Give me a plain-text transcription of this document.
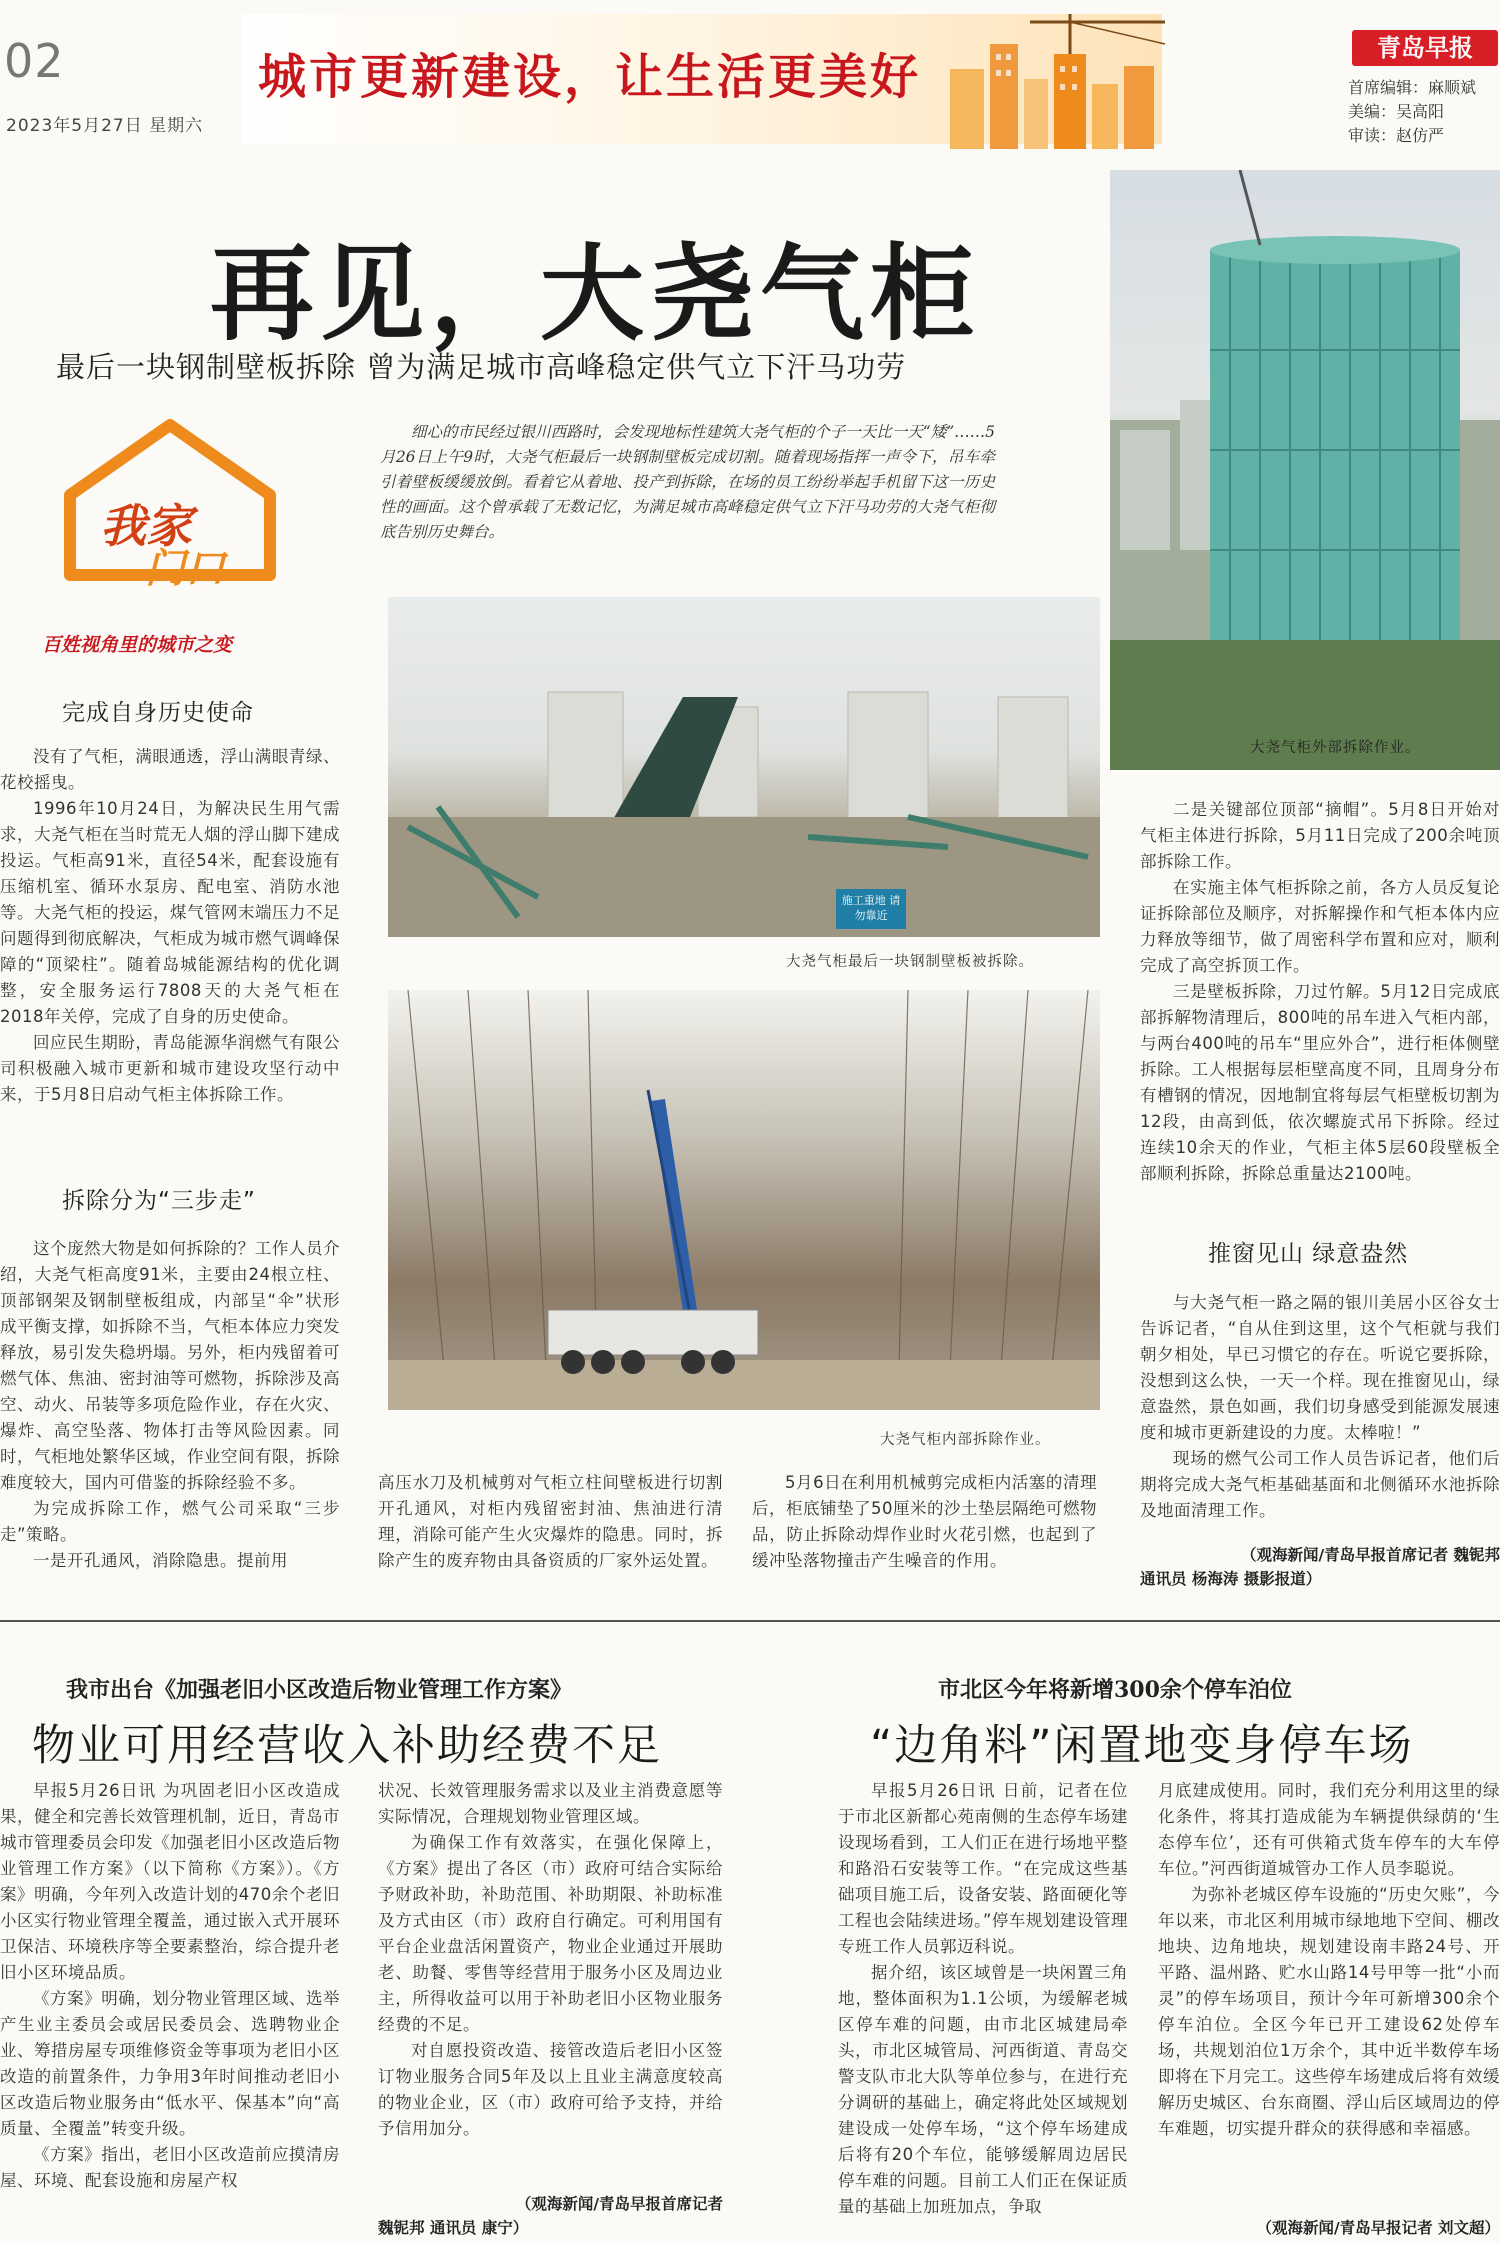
02
2023年5月27日 星期六
城市更新建设，让生活更美好
青岛早报
首席编辑：麻顺斌
美编：吴高阳
审读：赵仿严
再见，大尧气柜
最后一块钢制壁板拆除 曾为满足城市高峰稳定供气立下汗马功劳
大尧气柜外部拆除作业。
我家
门口
百姓视角里的城市之变
细心的市民经过银川西路时，会发现地标性建筑大尧气柜的个子一天比一天“矮”……5月26日上午9时，大尧气柜最后一块钢制壁板完成切割。随着现场指挥一声令下，吊车牵引着壁板缓缓放倒。看着它从着地、投产到拆除，在场的员工纷纷举起手机留下这一历史性的画面。这个曾承载了无数记忆，为满足城市高峰稳定供气立下汗马功劳的大尧气柜彻底告别历史舞台。
施工重地 请勿靠近
大尧气柜最后一块钢制壁板被拆除。
大尧气柜内部拆除作业。
完成自身历史使命

没有了气柜，满眼通透，浮山满眼青绿、花校摇曳。

1996年10月24日，为解决民生用气需求，大尧气柜在当时荒无人烟的浮山脚下建成投运。气柜高91米，直径54米，配套设施有压缩机室、循环水泵房、配电室、消防水池等。大尧气柜的投运，煤气管网末端压力不足问题得到彻底解决，气柜成为城市燃气调峰保障的“顶梁柱”。随着岛城能源结构的优化调整，安全服务运行7808天的大尧气柜在2018年关停，完成了自身的历史使命。

回应民生期盼，青岛能源华润燃气有限公司积极融入城市更新和城市建设攻坚行动中来，于5月8日启动气柜主体拆除工作。

拆除分为“三步走”

这个庞然大物是如何拆除的？工作人员介绍，大尧气柜高度91米，主要由24根立柱、顶部钢架及钢制壁板组成，内部呈“伞”状形成平衡支撑，如拆除不当，气柜本体应力突发释放，易引发失稳坍塌。另外，柜内残留着可燃气体、焦油、密封油等可燃物，拆除涉及高空、动火、吊装等多项危险作业，存在火灾、爆炸、高空坠落、物体打击等风险因素。同时，气柜地处繁华区域，作业空间有限，拆除难度较大，国内可借鉴的拆除经验不多。

为完成拆除工作，燃气公司采取“三步走”策略。

一是开孔通风，消除隐患。提前用

高压水刀及机械剪对气柜立柱间壁板进行切割开孔通风，对柜内残留密封油、焦油进行清理，消除可能产生火灾爆炸的隐患。同时，拆除产生的废弃物由具备资质的厂家外运处置。

5月6日在利用机械剪完成柜内活塞的清理后，柜底铺垫了50厘米的沙土垫层隔绝可燃物品，防止拆除动焊作业时火花引燃，也起到了缓冲坠落物撞击产生噪音的作用。

二是关键部位顶部“摘帽”。5月8日开始对气柜主体进行拆除，5月11日完成了200余吨顶部拆除工作。

在实施主体气柜拆除之前，各方人员反复论证拆除部位及顺序，对拆解操作和气柜本体内应力释放等细节，做了周密科学布置和应对，顺利完成了高空拆顶工作。

三是壁板拆除，刀过竹解。5月12日完成底部拆解物清理后，800吨的吊车进入气柜内部，与两台400吨的吊车“里应外合”，进行柜体侧壁拆除。工人根据每层柜壁高度不同，且周身分布有槽钢的情况，因地制宜将每层气柜壁板切割为12段，由高到低，依次螺旋式吊下拆除。经过连续10余天的作业，气柜主体5层60段壁板全部顺利拆除，拆除总重量达2100吨。

推窗见山 绿意盎然

与大尧气柜一路之隔的银川美居小区谷女士告诉记者，“自从住到这里，这个气柜就与我们朝夕相处，早已习惯它的存在。听说它要拆除，没想到这么快，一天一个样。现在推窗见山，绿意盎然，景色如画，我们切身感受到能源发展速度和城市更新建设的力度。太棒啦！”

现场的燃气公司工作人员告诉记者，他们后期将完成大尧气柜基础基面和北侧循环水池拆除及地面清理工作。

（观海新闻/青岛早报首席记者 魏铌邦
通讯员 杨海涛 摄影报道）
我市出台《加强老旧小区改造后物业管理工作方案》
物业可用经营收入补助经费不足

早报5月26日讯 为巩固老旧小区改造成果，健全和完善长效管理机制，近日，青岛市城市管理委员会印发《加强老旧小区改造后物业管理工作方案》（以下简称《方案》）。《方案》明确，今年列入改造计划的470余个老旧小区实行物业管理全覆盖，通过嵌入式开展环卫保洁、环境秩序等全要素整治，综合提升老旧小区环境品质。

《方案》明确，划分物业管理区域、选举产生业主委员会或居民委员会、选聘物业企业、筹措房屋专项维修资金等事项为老旧小区改造的前置条件，力争用3年时间推动老旧小区改造后物业服务由“低水平、保基本”向“高质量、全覆盖”转变升级。

《方案》指出，老旧小区改造前应摸清房屋、环境、配套设施和房屋产权

状况、长效管理服务需求以及业主消费意愿等实际情况，合理规划物业管理区域。

为确保工作有效落实，在强化保障上，《方案》提出了各区（市）政府可结合实际给予财政补助，补助范围、补助期限、补助标准及方式由区（市）政府自行确定。可利用国有平台企业盘活闲置资产，物业企业通过开展助老、助餐、零售等经营用于服务小区及周边业主，所得收益可以用于补助老旧小区物业服务经费的不足。

对自愿投资改造、接管改造后老旧小区签订物业服务合同5年及以上且业主满意度较高的物业企业，区（市）政府可给予支持，并给予信用加分。

（观海新闻/青岛早报首席记者
魏铌邦 通讯员 康宁）
市北区今年将新增300余个停车泊位
“边角料”闲置地变身停车场

早报5月26日讯 日前，记者在位于市北区新都心苑南侧的生态停车场建设现场看到，工人们正在进行场地平整和路沿石安装等工作。“在完成这些基础项目施工后，设备安装、路面硬化等工程也会陆续进场。”停车规划建设管理专班工作人员郭迈科说。

据介绍，该区域曾是一块闲置三角地，整体面积为1.1公顷，为缓解老城区停车难的问题，由市北区城建局牵头，市北区城管局、河西街道、青岛交警支队市北大队等单位参与，在进行充分调研的基础上，确定将此处区域规划建设成一处停车场，“这个停车场建成后将有20个车位，能够缓解周边居民停车难的问题。目前工人们正在保证质量的基础上加班加点，争取

月底建成使用。同时，我们充分利用这里的绿化条件，将其打造成能为车辆提供绿荫的‘生态停车位’，还有可供箱式货车停车的大车停车位。”河西街道城管办工作人员李聪说。

为弥补老城区停车设施的“历史欠账”，今年以来，市北区利用城市绿地地下空间、棚改地块、边角地块，规划建设南丰路24号、开平路、温州路、贮水山路14号甲等一批“小而灵”的停车场项目，预计今年可新增300余个停车泊位。全区今年已开工建设62处停车场，共规划泊位1万余个，其中近半数停车场即将在下月完工。这些停车场建成后将有效缓解历史城区、台东商圈、浮山后区域周边的停车难题，切实提升群众的获得感和幸福感。

（观海新闻/青岛早报记者 刘文超）
